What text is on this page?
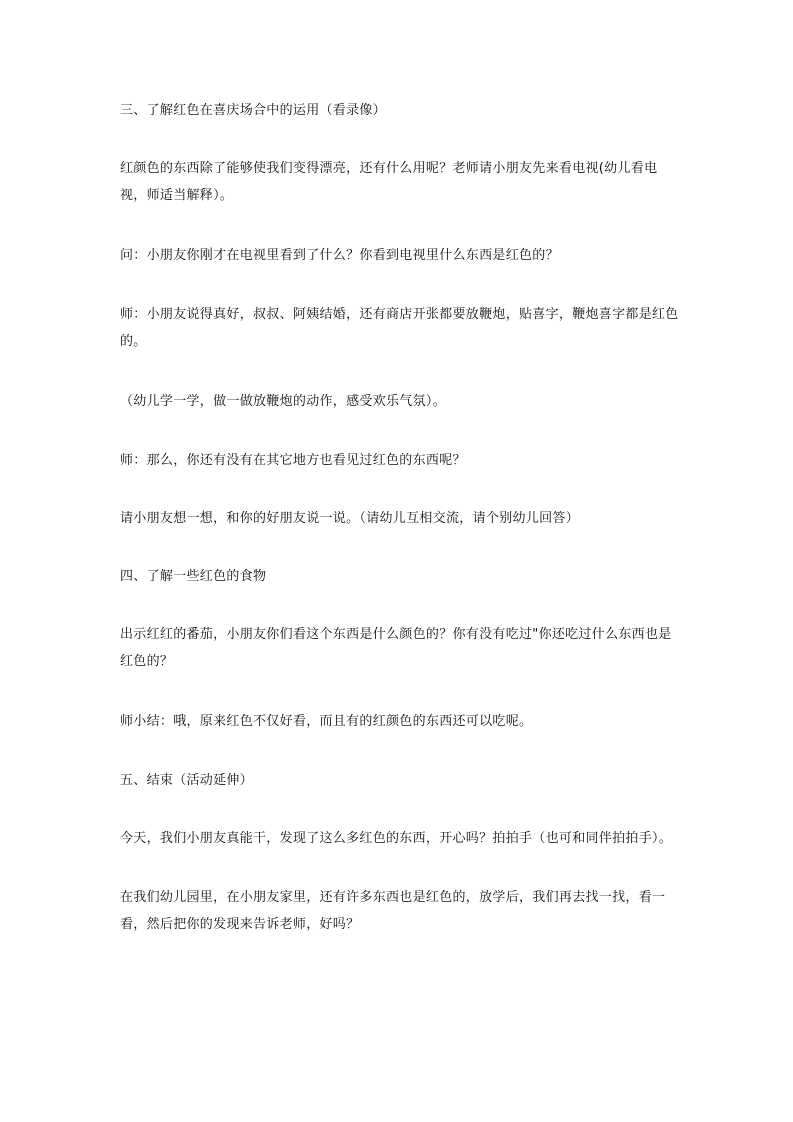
三、了解红色在喜庆场合中的运用（看录像）

红颜色的东西除了能够使我们变得漂亮，还有什么用呢？老师请小朋友先来看电视(幼儿看电视，师适当解释）。

问：小朋友你刚才在电视里看到了什么？你看到电视里什么东西是红色的？

师：小朋友说得真好，叔叔、阿姨结婚，还有商店开张都要放鞭炮，贴喜字，鞭炮喜字都是红色的。

（幼儿学一学，做一做放鞭炮的动作，感受欢乐气氛）。

师：那么，你还有没有在其它地方也看见过红色的东西呢？

请小朋友想一想，和你的好朋友说一说。（请幼儿互相交流，请个别幼儿回答）

四、了解一些红色的食物

出示红红的番茄，小朋友你们看这个东西是什么颜色的？你有没有吃过"你还吃过什么东西也是红色的？

师小结：哦，原来红色不仅好看，而且有的红颜色的东西还可以吃呢。

五、结束（活动延伸）

今天，我们小朋友真能干，发现了这么多红色的东西，开心吗？拍拍手（也可和同伴拍拍手）。

在我们幼儿园里，在小朋友家里，还有许多东西也是红色的，放学后，我们再去找一找，看一看，然后把你的发现来告诉老师，好吗？
